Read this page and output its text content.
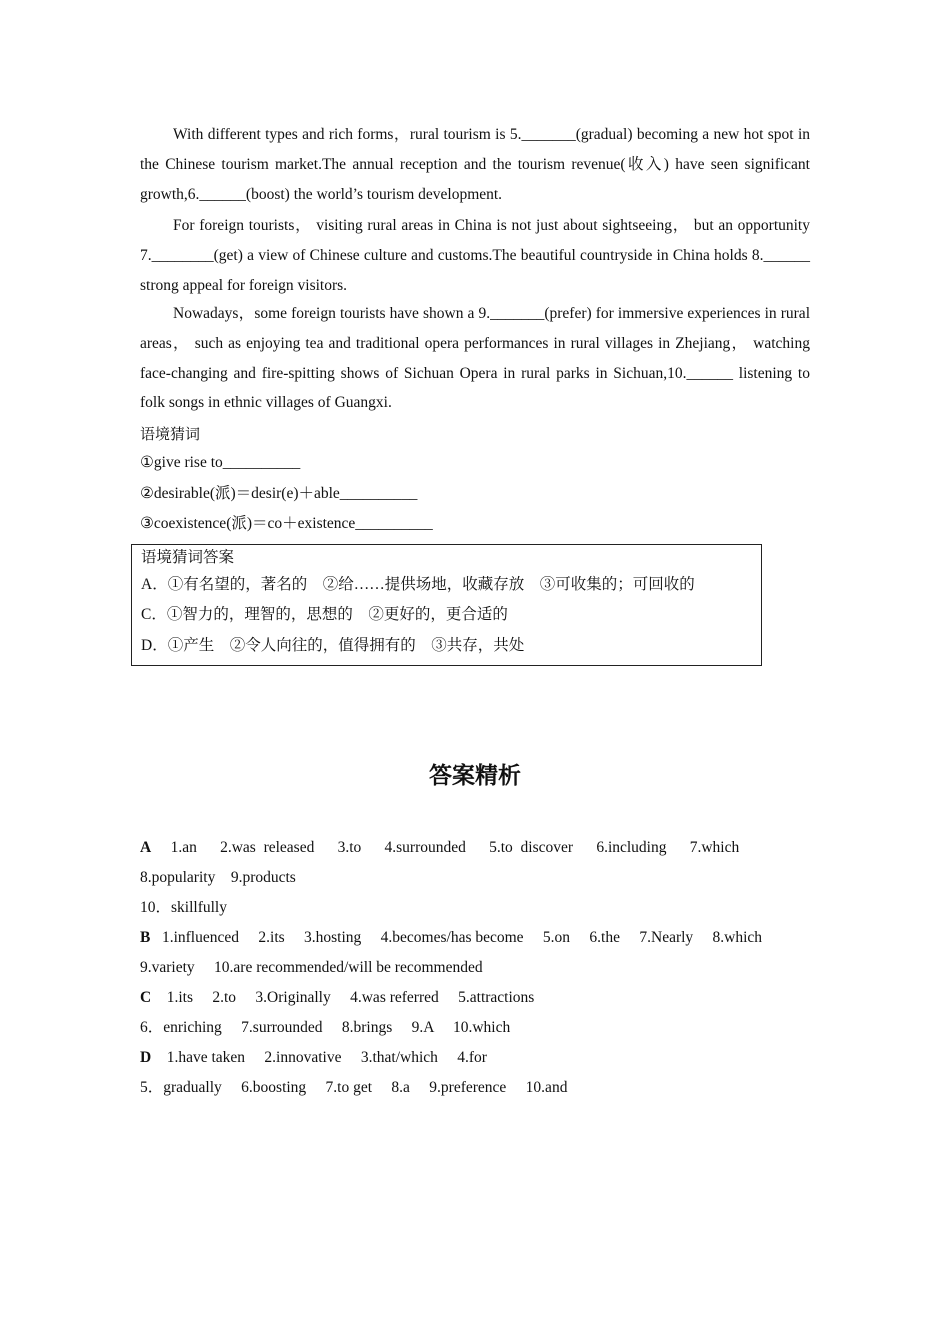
With different types and rich forms，rural tourism is 5._______(gradual) becoming a new hot spot in the Chinese tourism market.The annual reception and the tourism revenue(收入) have seen significant growth,6.______(boost) the world’s tourism development.

For foreign tourists， visiting rural areas in China is not just about sightseeing， but an opportunity 7.________(get) a view of Chinese culture and customs.The beautiful countryside in China holds 8.______ strong appeal for foreign visitors.

Nowadays，some foreign tourists have shown a 9._______(prefer) for immersive experiences in rural areas， such as enjoying tea and traditional opera performances in rural villages in Zhejiang， watching face-changing and fire-spitting shows of Sichuan Opera in rural parks in Sichuan,10.______ listening to folk songs in ethnic villages of Guangxi.

语境猜词
①give rise to__________
②desirable(派)＝desir(e)＋able__________
③coexistence(派)＝co＋existence__________
语境猜词答案
A．①有名望的，著名的　②给……提供场地，收藏存放　③可收集的；可回收的
C．①智力的，理智的，思想的　②更好的，更合适的
D．①产生　②令人向往的，值得拥有的　③共存，共处
答案精析
A 1.an      2.was  released      3.to      4.surrounded      5.to  discover      6.including      7.which
8.popularity    9.products
10．skillfully
B 1.influenced     2.its     3.hosting     4.becomes/has become     5.on     6.the     7.Nearly     8.which
9.variety     10.are recommended/will be recommended
C 1.its     2.to     3.Originally     4.was referred     5.attractions
6．enriching     7.surrounded     8.brings     9.A     10.which
D 1.have taken     2.innovative     3.that/which     4.for
5．gradually     6.boosting     7.to get     8.a     9.preference     10.and
